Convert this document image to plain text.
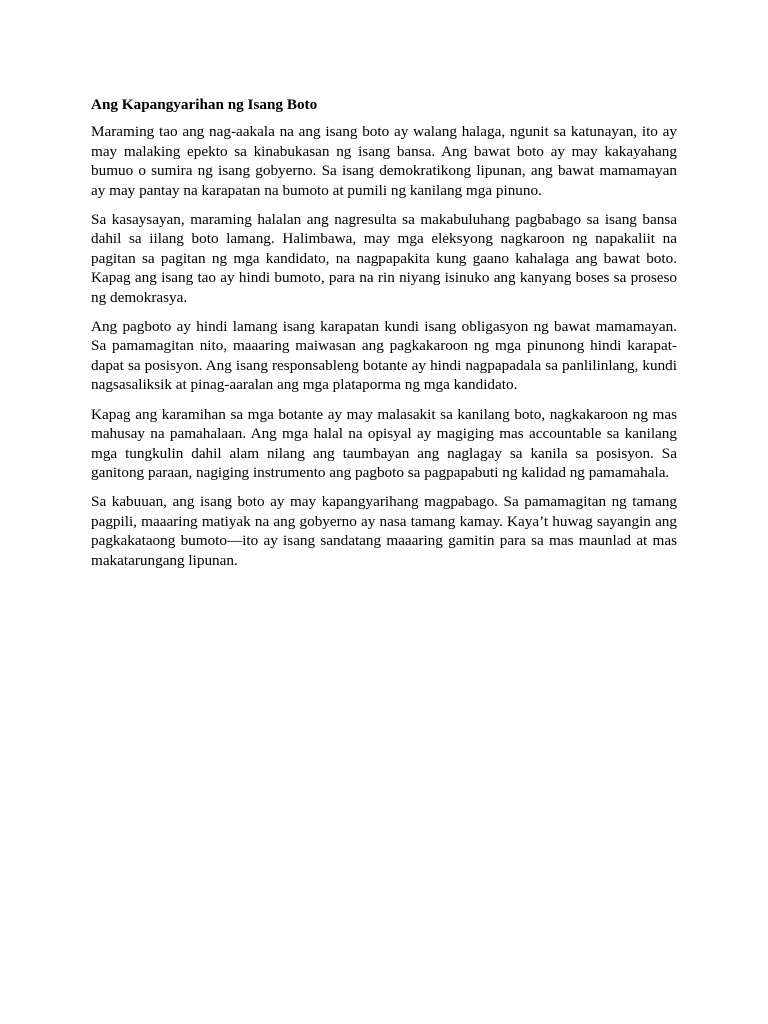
Ang Kapangyarihan ng Isang Boto

Maraming tao ang nag-aakala na ang isang boto ay walang halaga, ngunit sa katunayan, ito ay may malaking epekto sa kinabukasan ng isang bansa. Ang bawat boto ay may kakayahang bumuo o sumira ng isang gobyerno. Sa isang demokratikong lipunan, ang bawat mamamayan ay may pantay na karapatan na bumoto at pumili ng kanilang mga pinuno.

Sa kasaysayan, maraming halalan ang nagresulta sa makabuluhang pagbabago sa isang bansa dahil sa iilang boto lamang. Halimbawa, may mga eleksyong nagkaroon ng napakaliit na pagitan sa pagitan ng mga kandidato, na nagpapakita kung gaano kahalaga ang bawat boto. Kapag ang isang tao ay hindi bumoto, para na rin niyang isinuko ang kanyang boses sa proseso ng demokrasya.

Ang pagboto ay hindi lamang isang karapatan kundi isang obligasyon ng bawat mamamayan. Sa pamamagitan nito, maaaring maiwasan ang pagkakaroon ng mga pinunong hindi karapat-dapat sa posisyon. Ang isang responsableng botante ay hindi nagpapadala sa panlilinlang, kundi nagsasaliksik at pinag-aaralan ang mga plataporma ng mga kandidato.

Kapag ang karamihan sa mga botante ay may malasakit sa kanilang boto, nagkakaroon ng mas mahusay na pamahalaan. Ang mga halal na opisyal ay magiging mas accountable sa kanilang mga tungkulin dahil alam nilang ang taumbayan ang naglagay sa kanila sa posisyon. Sa ganitong paraan, nagiging instrumento ang pagboto sa pagpapabuti ng kalidad ng pamamahala.

Sa kabuuan, ang isang boto ay may kapangyarihang magpabago. Sa pamamagitan ng tamang pagpili, maaaring matiyak na ang gobyerno ay nasa tamang kamay. Kaya’t huwag sayangin ang pagkakataong bumoto—ito ay isang sandatang maaaring gamitin para sa mas maunlad at mas makatarungang lipunan.
